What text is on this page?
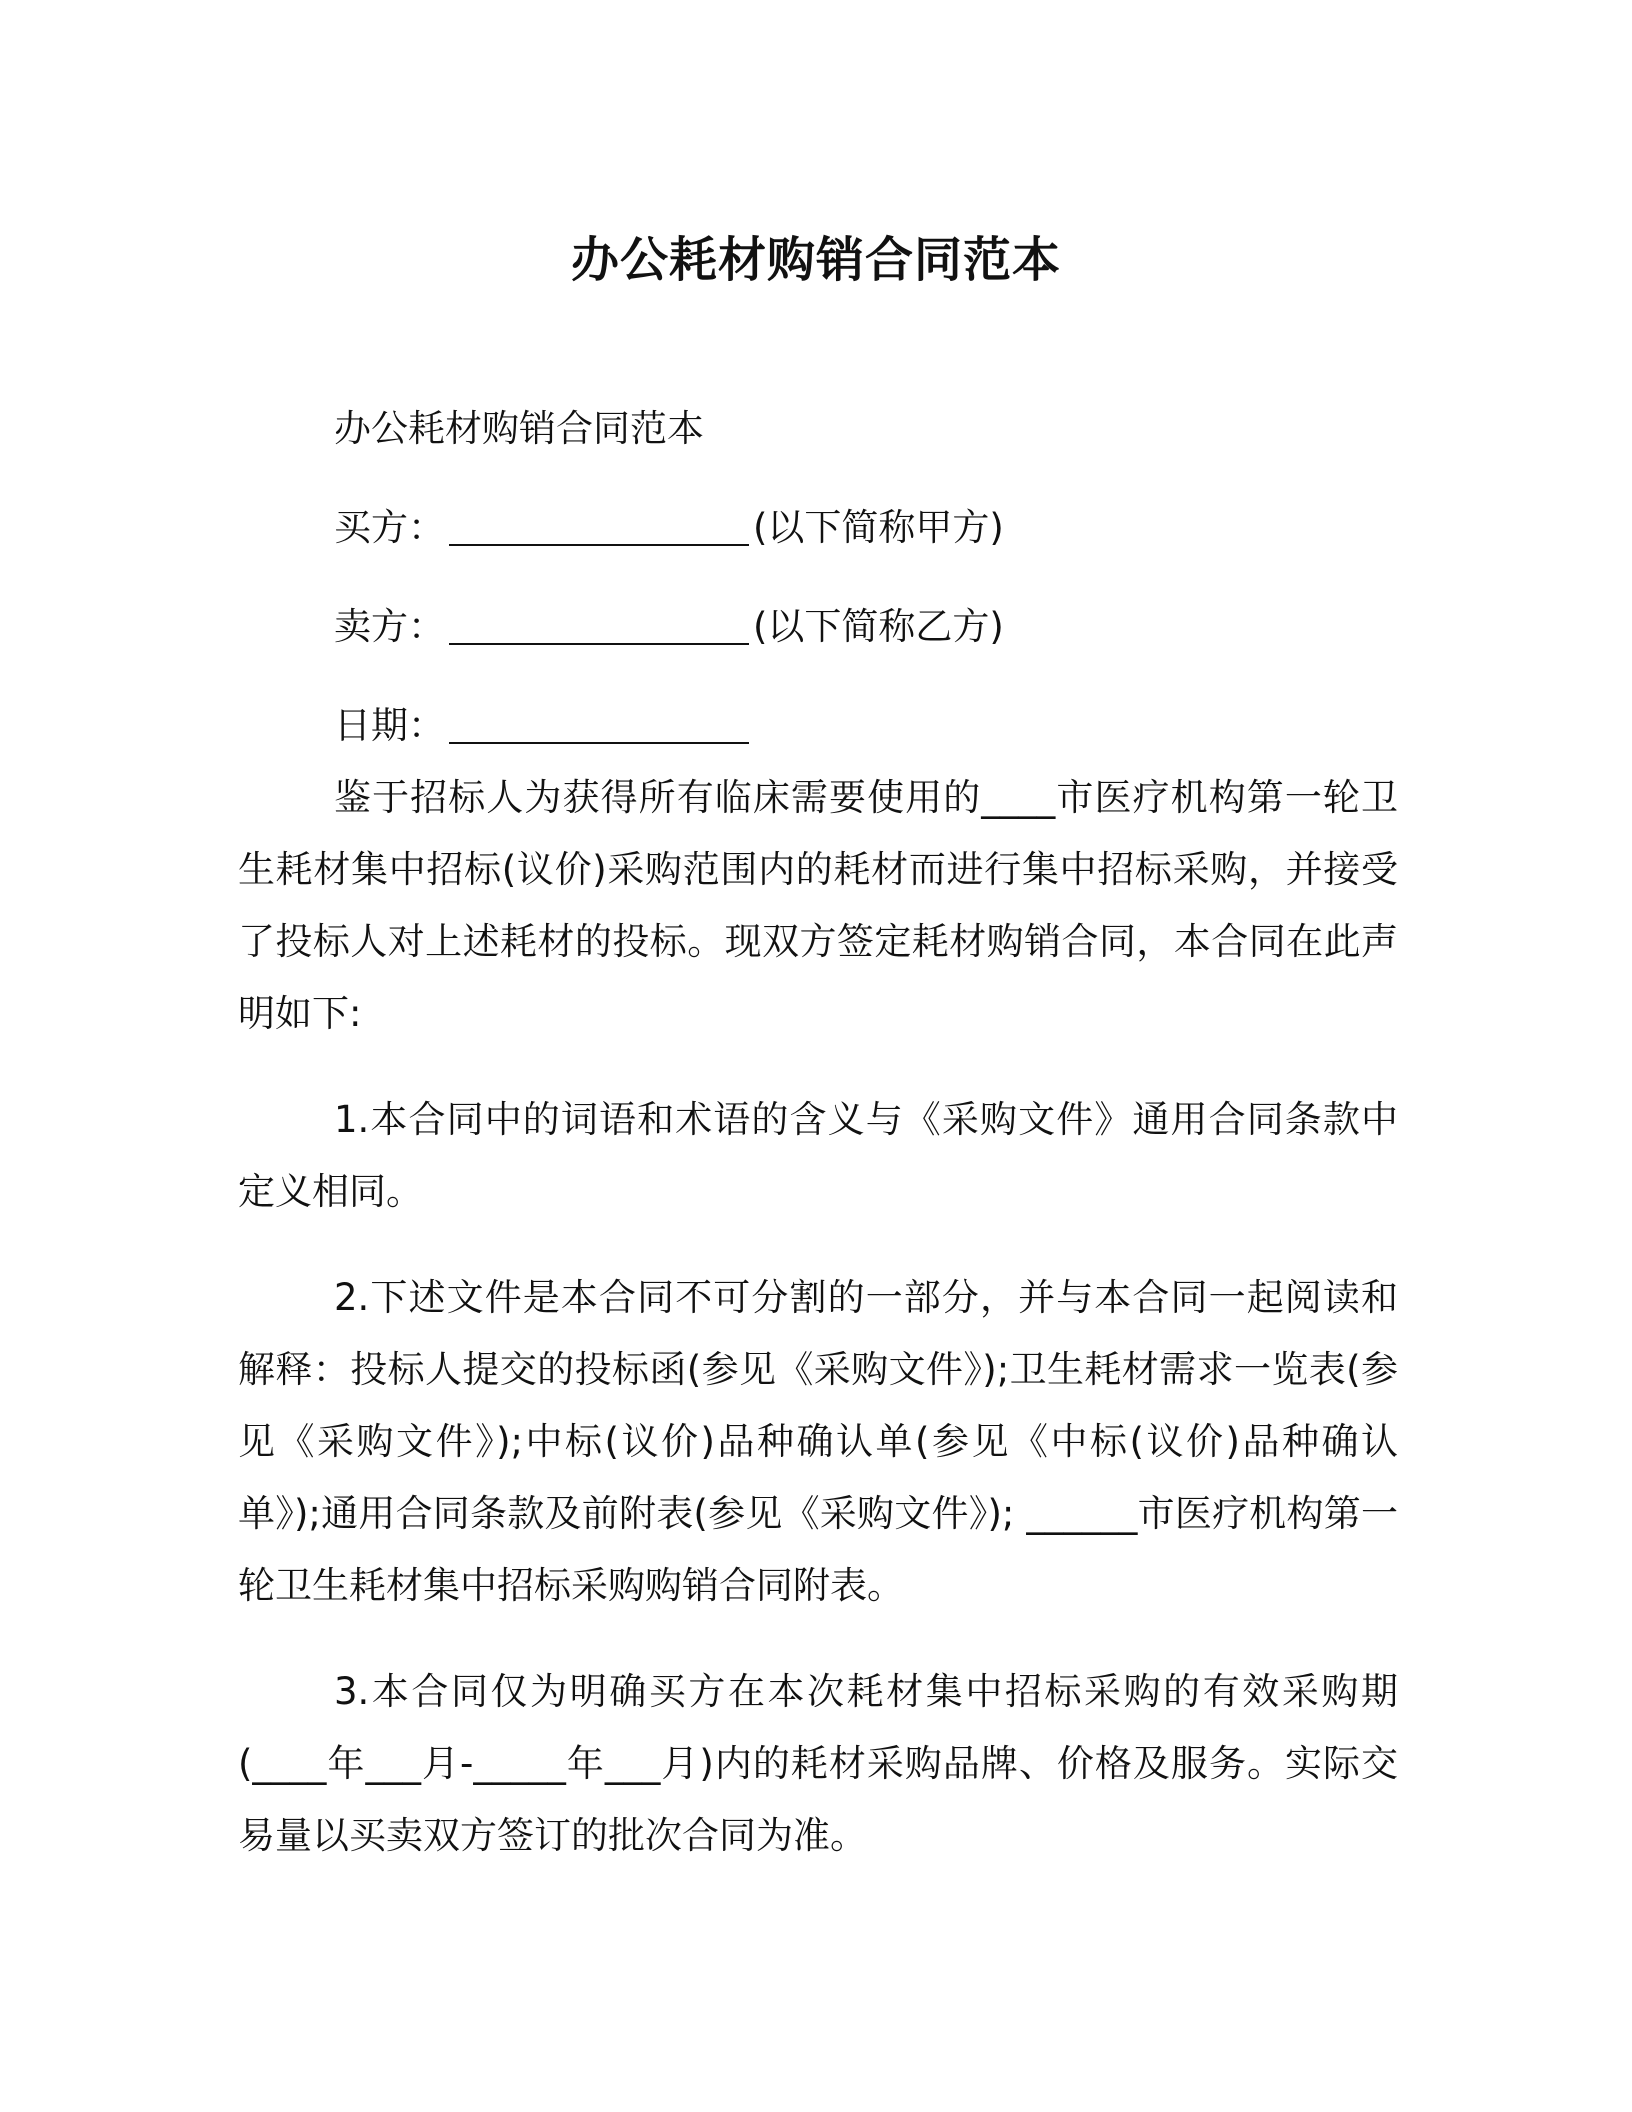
办公耗材购销合同范本

办公耗材购销合同范本

买方：	(以下简称甲方)

卖方：	(以下简称乙方)

日期：

鉴于招标人为获得所有临床需要使用的____市医疗机构第一轮卫生耗材集中招标(议价)采购范围内的耗材而进行集中招标采购，并接受了投标人对上述耗材的投标。现双方签定耗材购销合同，本合同在此声明如下:

1.本合同中的词语和术语的含义与《采购文件》通用合同条款中定义相同。

2.下述文件是本合同不可分割的一部分，并与本合同一起阅读和解释：投标人提交的投标函(参见《采购文件》);卫生耗材需求一览表(参见《采购文件》);中标(议价)品种确认单(参见《中标(议价)品种确认单》);通用合同条款及前附表(参见《采购文件》); ______市医疗机构第一轮卫生耗材集中招标采购购销合同附表。

3.本合同仅为明确买方在本次耗材集中招标采购的有效采购期(____年___月-_____年___月)内的耗材采购品牌、价格及服务。实际交易量以买卖双方签订的批次合同为准。
